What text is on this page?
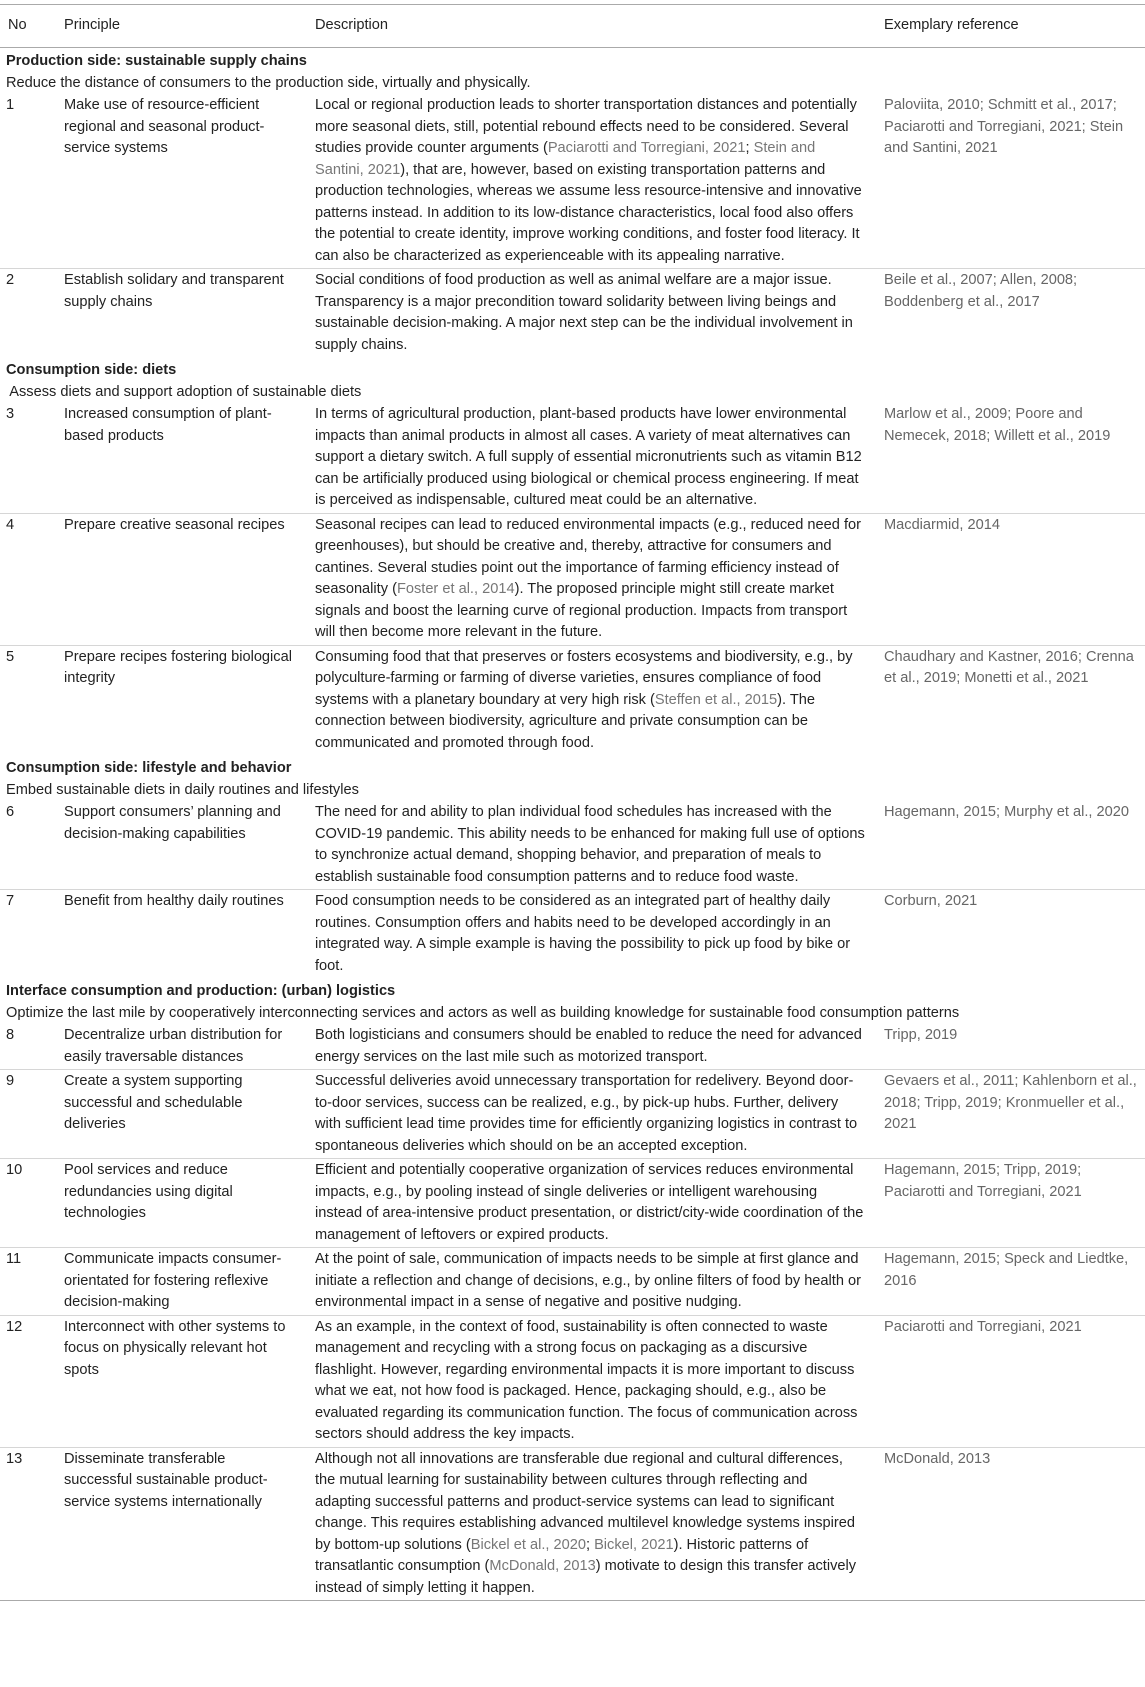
No	Principle	Description	Exemplary reference
Production side: sustainable supply chains			
Reduce the distance of consumers to the production side, virtually and physically.			
1	Make use of resource-efficient regional and seasonal product-service systems	Local or regional production leads to shorter transportation distances and potentially more seasonal diets, still, potential rebound effects need to be considered. Several studies provide counter arguments (Paciarotti and Torregiani, 2021; Stein and Santini, 2021), that are, however, based on existing transportation patterns and production technologies, whereas we assume less resource-intensive and innovative patterns instead. In addition to its low-distance characteristics, local food also offers the potential to create identity, improve working conditions, and foster food literacy. It can also be characterized as experienceable with its appealing narrative.	Paloviita, 2010; Schmitt et al., 2017; Paciarotti and Torregiani, 2021; Stein and Santini, 2021
2	Establish solidary and transparent supply chains	Social conditions of food production as well as animal welfare are a major issue. Transparency is a major precondition toward solidarity between living beings and sustainable decision-making. A major next step can be the individual involvement in supply chains.	Beile et al., 2007; Allen, 2008; Boddenberg et al., 2017
Consumption side: diets			
Assess diets and support adoption of sustainable diets			
3	Increased consumption of plant-based products	In terms of agricultural production, plant-based products have lower environmental impacts than animal products in almost all cases. A variety of meat alternatives can support a dietary switch. A full supply of essential micronutrients such as vitamin B12 can be artificially produced using biological or chemical process engineering. If meat is perceived as indispensable, cultured meat could be an alternative.	Marlow et al., 2009; Poore and Nemecek, 2018; Willett et al., 2019
4	Prepare creative seasonal recipes	Seasonal recipes can lead to reduced environmental impacts (e.g., reduced need for greenhouses), but should be creative and, thereby, attractive for consumers and cantines. Several studies point out the importance of farming efficiency instead of seasonality (Foster et al., 2014). The proposed principle might still create market signals and boost the learning curve of regional production. Impacts from transport will then become more relevant in the future.	Macdiarmid, 2014
5	Prepare recipes fostering biological integrity	Consuming food that that preserves or fosters ecosystems and biodiversity, e.g., by polyculture-farming or farming of diverse varieties, ensures compliance of food systems with a planetary boundary at very high risk (Steffen et al., 2015). The connection between biodiversity, agriculture and private consumption can be communicated and promoted through food.	Chaudhary and Kastner, 2016; Crenna et al., 2019; Monetti et al., 2021
Consumption side: lifestyle and behavior			
Embed sustainable diets in daily routines and lifestyles			
6	Support consumers’ planning and decision-making capabilities	The need for and ability to plan individual food schedules has increased with the COVID-19 pandemic. This ability needs to be enhanced for making full use of options to synchronize actual demand, shopping behavior, and preparation of meals to establish sustainable food consumption patterns and to reduce food waste.	Hagemann, 2015; Murphy et al., 2020
7	Benefit from healthy daily routines	Food consumption needs to be considered as an integrated part of healthy daily routines. Consumption offers and habits need to be developed accordingly in an integrated way. A simple example is having the possibility to pick up food by bike or foot.	Corburn, 2021
Interface consumption and production: (urban) logistics			
Optimize the last mile by cooperatively interconnecting services and actors as well as building knowledge for sustainable food consumption patterns			
8	Decentralize urban distribution for easily traversable distances	Both logisticians and consumers should be enabled to reduce the need for advanced energy services on the last mile such as motorized transport.	Tripp, 2019
9	Create a system supporting successful and schedulable deliveries	Successful deliveries avoid unnecessary transportation for redelivery. Beyond door-to-door services, success can be realized, e.g., by pick-up hubs. Further, delivery with sufficient lead time provides time for efficiently organizing logistics in contrast to spontaneous deliveries which should on be an accepted exception.	Gevaers et al., 2011; Kahlenborn et al., 2018; Tripp, 2019; Kronmueller et al., 2021
10	Pool services and reduce redundancies using digital technologies	Efficient and potentially cooperative organization of services reduces environmental impacts, e.g., by pooling instead of single deliveries or intelligent warehousing instead of area-intensive product presentation, or district/city-wide coordination of the management of leftovers or expired products.	Hagemann, 2015; Tripp, 2019; Paciarotti and Torregiani, 2021
11	Communicate impacts consumer- orientated for fostering reflexive decision-making	At the point of sale, communication of impacts needs to be simple at first glance and initiate a reflection and change of decisions, e.g., by online filters of food by health or environmental impact in a sense of negative and positive nudging.	Hagemann, 2015; Speck and Liedtke, 2016
12	Interconnect with other systems to focus on physically relevant hot spots	As an example, in the context of food, sustainability is often connected to waste management and recycling with a strong focus on packaging as a discursive flashlight. However, regarding environmental impacts it is more important to discuss what we eat, not how food is packaged. Hence, packaging should, e.g., also be evaluated regarding its communication function. The focus of communication across sectors should address the key impacts.	Paciarotti and Torregiani, 2021
13	Disseminate transferable successful sustainable product-service systems internationally	Although not all innovations are transferable due regional and cultural differences, the mutual learning for sustainability between cultures through reflecting and adapting successful patterns and product-service systems can lead to significant change. This requires establishing advanced multilevel knowledge systems inspired by bottom-up solutions (Bickel et al., 2020; Bickel, 2021). Historic patterns of transatlantic consumption (McDonald, 2013) motivate to design this transfer actively instead of simply letting it happen.	McDonald, 2013
